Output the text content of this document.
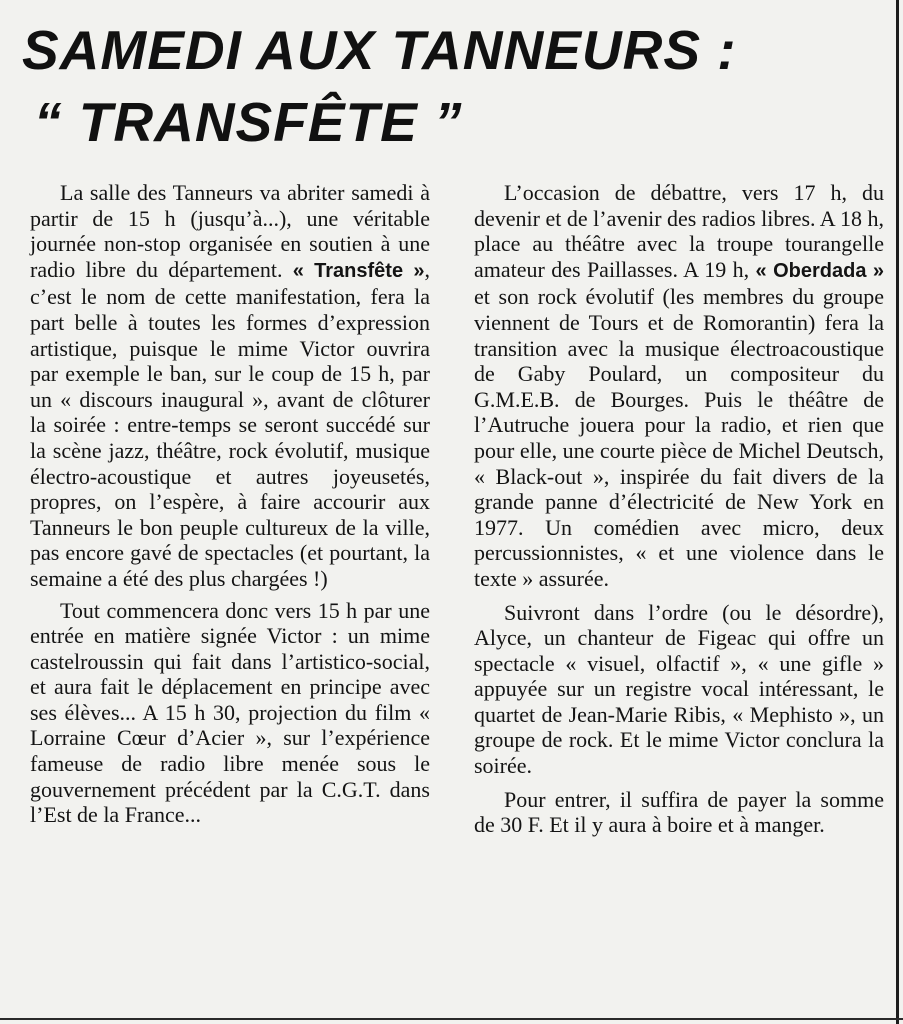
SAMEDI AUX TANNEURS :
“ TRANSFÊTE ”

La salle des Tanneurs va abriter samedi à partir de 15 h (jusqu’à...), une véritable journée non-stop organisée en soutien à une radio libre du département. « Transfête », c’est le nom de cette manifestation, fera la part belle à toutes les formes d’expression artistique, puisque le mime Victor ouvrira par exemple le ban, sur le coup de 15 h, par un « discours inaugural », avant de clôturer la soirée : entre-temps se seront succédé sur la scène jazz, théâtre, rock évolutif, musique électro-acoustique et autres joyeusetés, propres, on l’espère, à faire accourir aux Tanneurs le bon peuple cultureux de la ville, pas encore gavé de spectacles (et pourtant, la semaine a été des plus chargées !)

Tout commencera donc vers 15 h par une entrée en matière signée Victor : un mime castelroussin qui fait dans l’artistico-social, et aura fait le déplacement en principe avec ses élèves... A 15 h 30, projection du film « Lorraine Cœur d’Acier », sur l’expérience fameuse de radio libre menée sous le gouvernement précédent par la C.G.T. dans l’Est de la France...

L’occasion de débattre, vers 17 h, du devenir et de l’avenir des radios libres. A 18 h, place au théâtre avec la troupe tourangelle amateur des Paillasses. A 19 h, « Oberdada » et son rock évolutif (les membres du groupe viennent de Tours et de Romorantin) fera la transition avec la musique électroacoustique de Gaby Poulard, un compositeur du G.M.E.B. de Bourges. Puis le théâtre de l’Autruche jouera pour la radio, et rien que pour elle, une courte pièce de Michel Deutsch, « Black-out », inspirée du fait divers de la grande panne d’électricité de New York en 1977. Un comédien avec micro, deux percussionnistes, « et une violence dans le texte » assurée.

Suivront dans l’ordre (ou le désordre), Alyce, un chanteur de Figeac qui offre un spectacle « visuel, olfactif », « une gifle » appuyée sur un registre vocal intéressant, le quartet de Jean-Marie Ribis, « Mephisto », un groupe de rock. Et le mime Victor conclura la soirée.

Pour entrer, il suffira de payer la somme de 30 F. Et il y aura à boire et à manger.
